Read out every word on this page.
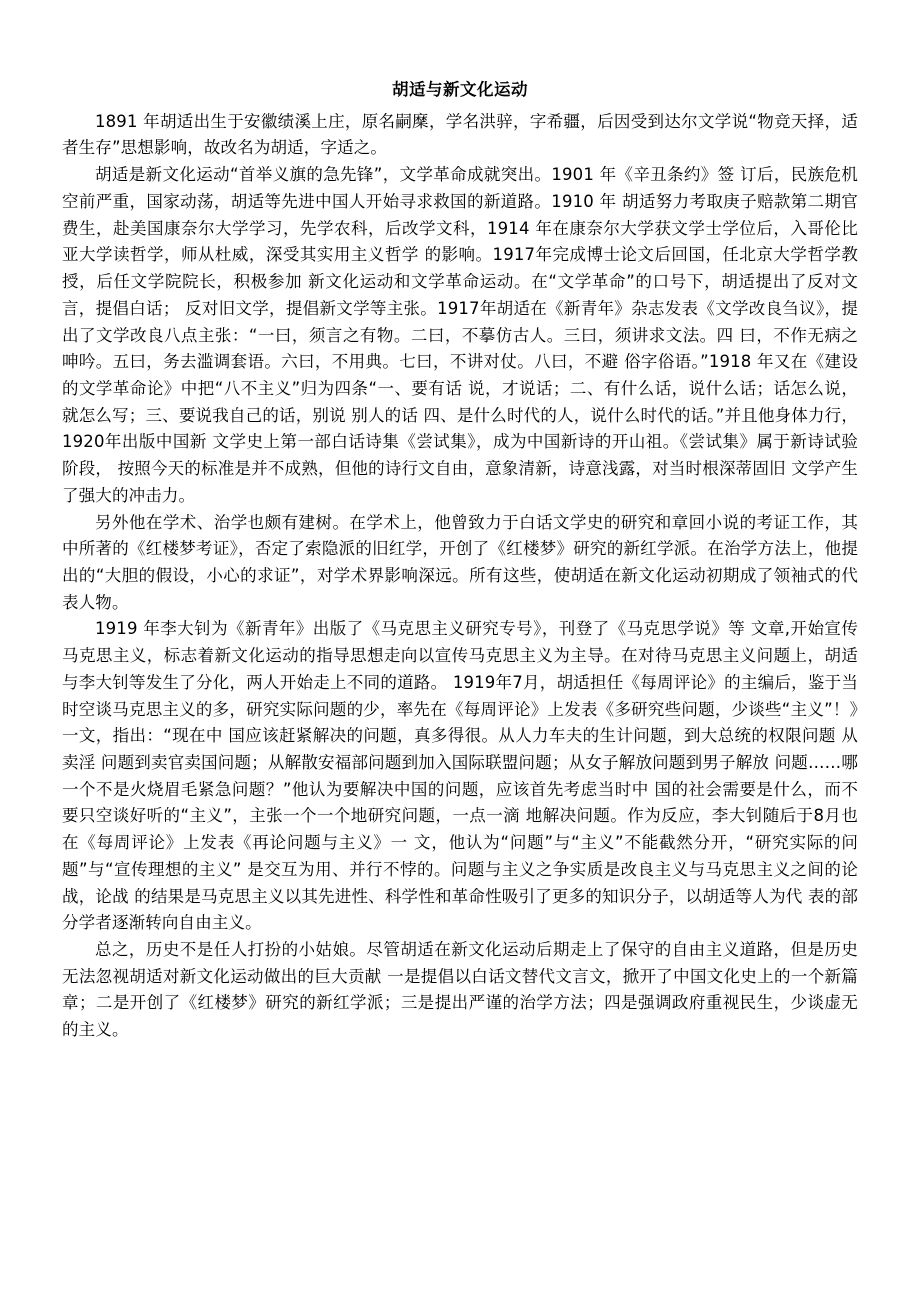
胡适与新文化运动

1891 年胡适出生于安徽绩溪上庄，原名嗣穈，学名洪骍，字希疆，后因受到达尔文学说“物竞天择，适者生存”思想影响，故改名为胡适，字适之。

胡适是新文化运动“首举义旗的急先锋”，文学革命成就突出。1901 年《辛丑条约》签 订后，民族危机空前严重，国家动荡，胡适等先进中国人开始寻求救国的新道路。1910 年 胡适努力考取庚子赔款第二期官费生，赴美国康奈尔大学学习，先学农科，后改学文科，1914 年在康奈尔大学获文学士学位后，入哥伦比亚大学读哲学，师从杜威，深受其实用主义哲学 的影响。1917年完成博士论文后回国，任北京大学哲学教授，后任文学院院长，积极参加 新文化运动和文学革命运动。在“文学革命”的口号下，胡适提出了反对文言，提倡白话； 反对旧文学，提倡新文学等主张。1917年胡适在《新青年》杂志发表《文学改良刍议》，提 出了文学改良八点主张：“一曰，须言之有物。二曰，不摹仿古人。三曰，须讲求文法。四 曰，不作无病之呻吟。五曰，务去滥调套语。六曰，不用典。七曰，不讲对仗。八曰，不避 俗字俗语。”1918 年又在《建设的文学革命论》中把“八不主义”归为四条“一、要有话 说，才说话；二、有什么话，说什么话；话怎么说，就怎么写；三、要说我自己的话，别说 别人的话 四、是什么时代的人，说什么时代的话。”并且他身体力行，1920年出版中国新 文学史上第一部白话诗集《尝试集》，成为中国新诗的开山祖。《尝试集》属于新诗试验阶段， 按照今天的标准是并不成熟，但他的诗行文自由，意象清新，诗意浅露，对当时根深蒂固旧 文学产生了强大的冲击力。

另外他在学术、治学也颇有建树。在学术上，他曾致力于白话文学史的研究和章回小说的考证工作，其中所著的《红楼梦考证》，否定了索隐派的旧红学，开创了《红楼梦》研究的新红学派。在治学方法上，他提出的“大胆的假设，小心的求证”，对学术界影响深远。所有这些，使胡适在新文化运动初期成了领袖式的代表人物。

1919 年李大钊为《新青年》出版了《马克思主义研究专号》，刊登了《马克思学说》等 文章,开始宣传马克思主义，标志着新文化运动的指导思想走向以宣传马克思主义为主导。在对待马克思主义问题上，胡适与李大钊等发生了分化，两人开始走上不同的道路。 1919年7月，胡适担任《每周评论》的主编后，鉴于当时空谈马克思主义的多，研究实际问题的少，率先在《每周评论》上发表《多研究些问题，少谈些“主义”！》一文，指出：“现在中 国应该赶紧解决的问题，真多得很。从人力车夫的生计问题，到大总统的权限问题 从卖淫 问题到卖官卖国问题；从解散安福部问题到加入国际联盟问题；从女子解放问题到男子解放 问题……哪一个不是火烧眉毛紧急问题？”他认为要解决中国的问题，应该首先考虑当时中 国的社会需要是什么，而不要只空谈好听的“主义”，主张一个一个地研究问题，一点一滴 地解决问题。作为反应，李大钊随后于8月也在《每周评论》上发表《再论问题与主义》一 文，他认为“问题”与“主义”不能截然分开，“研究实际的问题”与“宣传理想的主义” 是交互为用、并行不悖的。问题与主义之争实质是改良主义与马克思主义之间的论战，论战 的结果是马克思主义以其先进性、科学性和革命性吸引了更多的知识分子，以胡适等人为代 表的部分学者逐渐转向自由主义。

总之，历史不是任人打扮的小姑娘。尽管胡适在新文化运动后期走上了保守的自由主义道路，但是历史无法忽视胡适对新文化运动做出的巨大贡献 一是提倡以白话文替代文言文，掀开了中国文化史上的一个新篇章；二是开创了《红楼梦》研究的新红学派；三是提出严谨的治学方法；四是强调政府重视民生，少谈虚无的主义。
